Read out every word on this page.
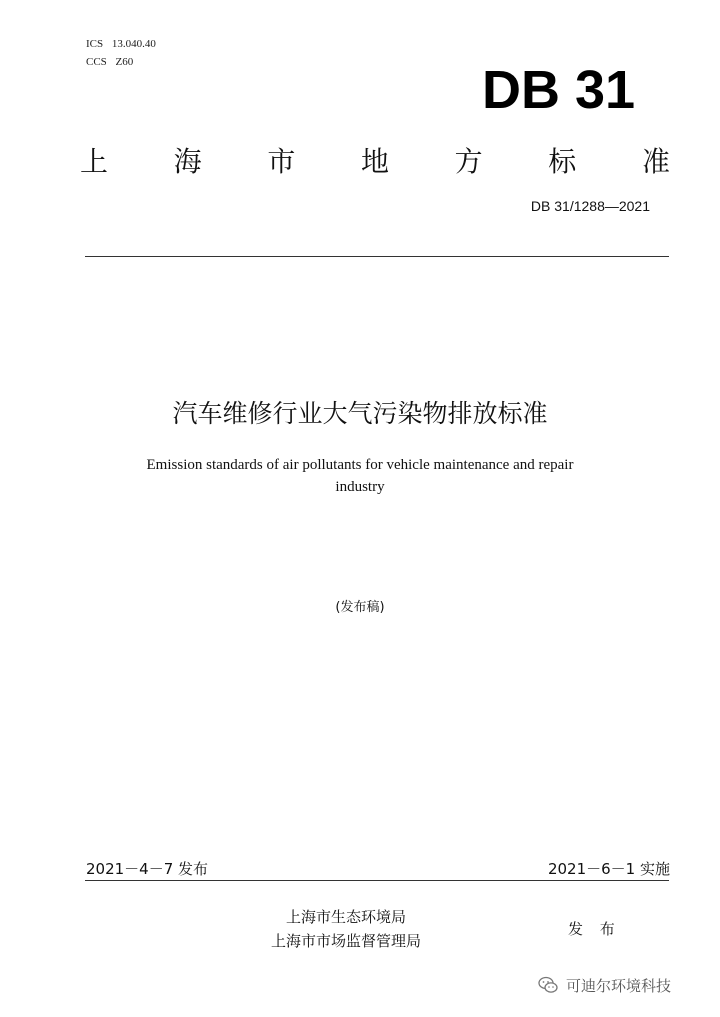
ICS 13.040.40
CCS Z60	DB 31
上 海 市 地 方 标 准
DB 31/1288—2021
汽车维修行业大气污染物排放标准
Emission standards of air pollutants for vehicle maintenance and repair
industry
(发布稿)
2021－4－7 发布	2021－6－1 实施
上海市生态环境局
上海市市场监督管理局
发 布
可迪尔环境科技
